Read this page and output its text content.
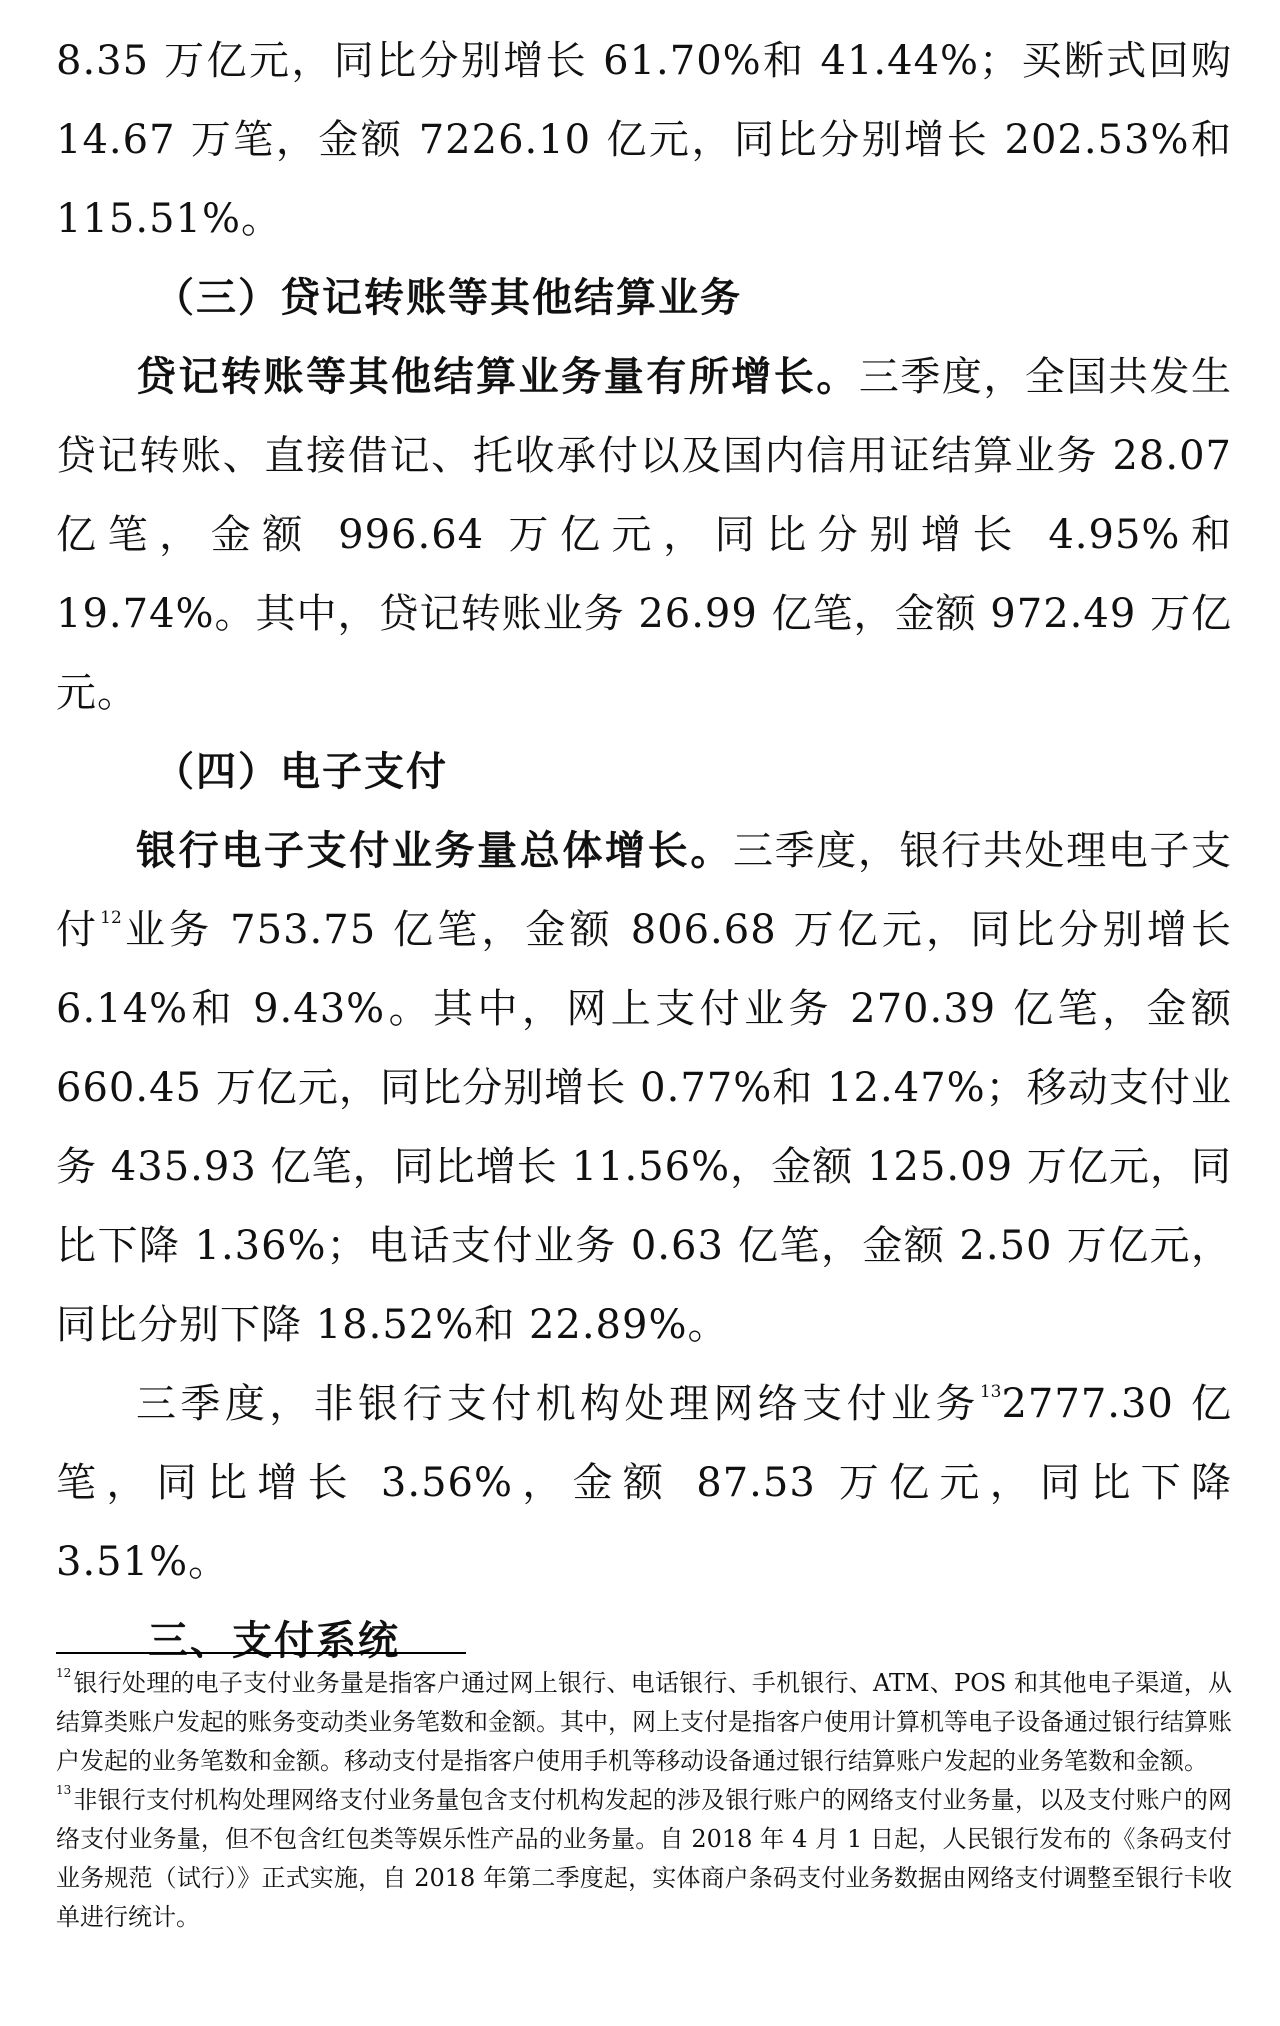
8.35 万亿元，同比分别增长 61.70%和 41.44%；买断式回购 14.67 万笔，金额 7226.10 亿元，同比分别增长 202.53%和 115.51%。

（三）贷记转账等其他结算业务

贷记转账等其他结算业务量有所增长。三季度，全国共发生贷记转账、直接借记、托收承付以及国内信用证结算业务 28.07 亿笔，金额 996.64 万亿元，同比分别增长 4.95%和 19.74%。其中，贷记转账业务 26.99 亿笔，金额 972.49 万亿元。

（四）电子支付

银行电子支付业务量总体增长。三季度，银行共处理电子支付$^{12}$业务 753.75 亿笔，金额 806.68 万亿元，同比分别增长 6.14%和 9.43%。其中，网上支付业务 270.39 亿笔，金额 660.45 万亿元，同比分别增长 0.77%和 12.47%；移动支付业务 435.93 亿笔，同比增长 11.56%，金额 125.09 万亿元，同比下降 1.36%；电话支付业务 0.63 亿笔，金额 2.50 万亿元，同比分别下降 18.52%和 22.89%。

三季度，非银行支付机构处理网络支付业务$^{13}$2777.30 亿笔，同比增长 3.56%，金额 87.53 万亿元，同比下降 3.51%。

三、支付系统

$^{12}$银行处理的电子支付业务量是指客户通过网上银行、电话银行、手机银行、ATM、POS 和其他电子渠道，从结算类账户发起的账务变动类业务笔数和金额。其中，网上支付是指客户使用计算机等电子设备通过银行结算账户发起的业务笔数和金额。移动支付是指客户使用手机等移动设备通过银行结算账户发起的业务笔数和金额。

$^{13}$非银行支付机构处理网络支付业务量包含支付机构发起的涉及银行账户的网络支付业务量，以及支付账户的网络支付业务量，但不包含红包类等娱乐性产品的业务量。自 2018 年 4 月 1 日起，人民银行发布的《条码支付业务规范（试行）》正式实施，自 2018 年第二季度起，实体商户条码支付业务数据由网络支付调整至银行卡收单进行统计。
